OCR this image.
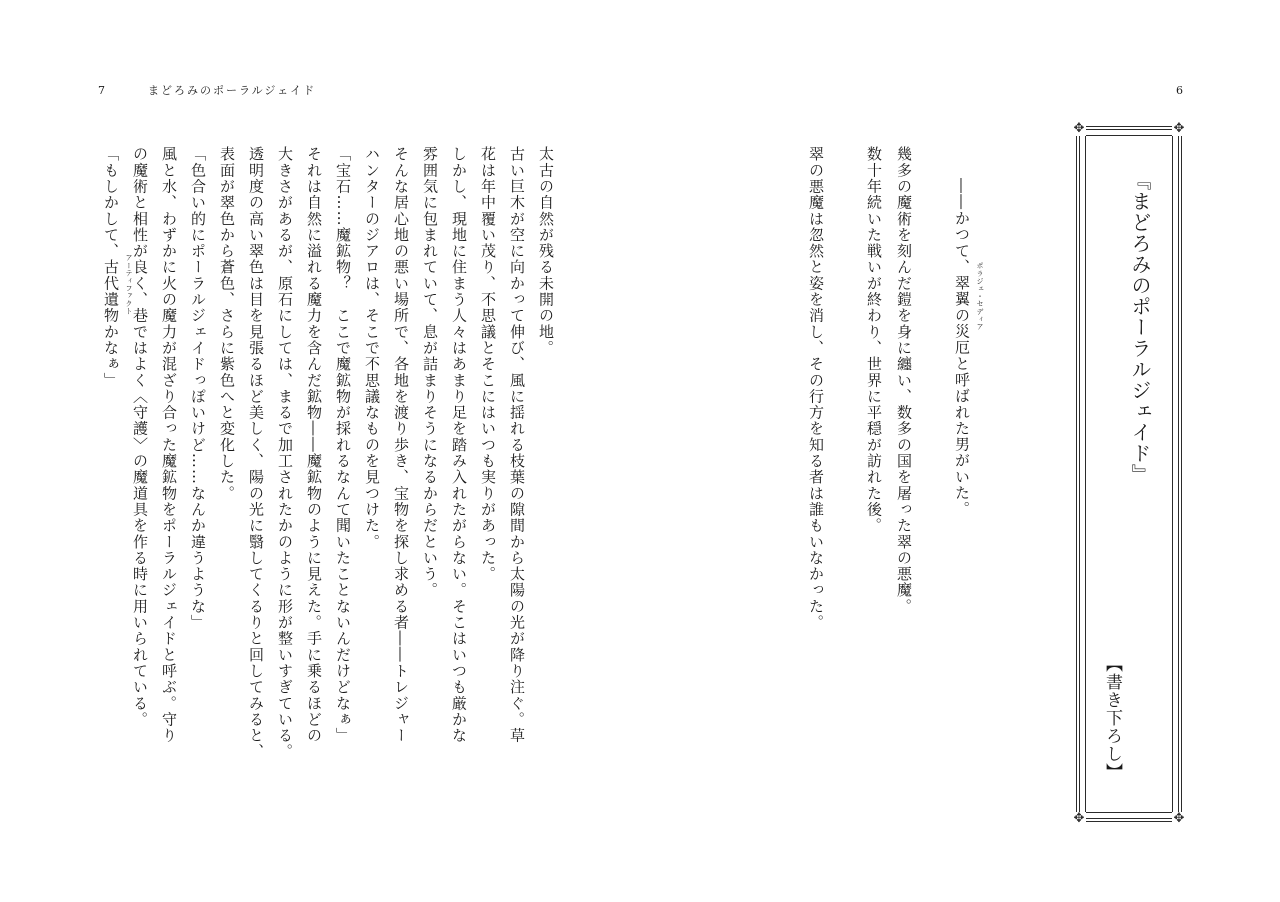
7	まどろみのポーラルジェイド	6
✥	✥
✥	✥
『まどろみのポーラルジェイド』
【書き下ろし】
――かつて、翠翼の災厄と呼ばれた男がいた。 ポラジェ・セディア
幾多の魔術を刻んだ鎧を身に纏い、数多の国を屠った翠の悪魔。
数十年続いた戦いが終わり、世界に平穏が訪れた後。
翠の悪魔は忽然と姿を消し、その行方を知る者は誰もいなかった。
太古の自然が残る未開の地。
古い巨木が空に向かって伸び、風に揺れる枝葉の隙間から太陽の光が降り注ぐ。草
花は年中覆い茂り、不思議とそこにはいつも実りがあった。
しかし、現地に住まう人々はあまり足を踏み入れたがらない。そこはいつも厳かな
雰囲気に包まれていて、息が詰まりそうになるからだという。
そんな居心地の悪い場所で、各地を渡り歩き、宝物を探し求める者――トレジャー
ハンターのジアロは、そこで不思議なものを見つけた。
「宝石……魔鉱物？　ここで魔鉱物が採れるなんて聞いたことないんだけどなぁ」
それは自然に溢れる魔力を含んだ鉱物――魔鉱物のように見えた。手に乗るほどの
大きさがあるが、原石にしては、まるで加工されたかのように形が整いすぎている。
透明度の高い翠色は目を見張るほど美しく、陽の光に翳してくるりと回してみると、
表面が翠色から蒼色、さらに紫色へと変化した。
「色合い的にポーラルジェイドっぽいけど……なんか違うような」
風と水、わずかに火の魔力が混ざり合った魔鉱物をポーラルジェイドと呼ぶ。守り
の魔術と相性が良く、巷ではよく〈守護〉の魔道具を作る時に用いられている。
「もしかして、古代遺物かなぁ」 アーティファクト
